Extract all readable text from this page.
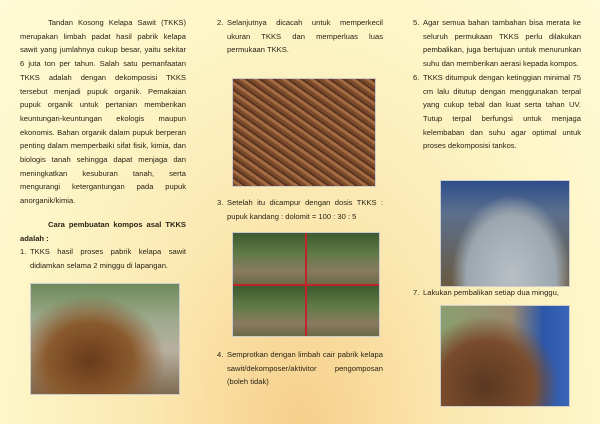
Tandan Kosong Kelapa Sawit (TKKS) merupakan limbah padat hasil pabrik kelapa sawit yang jumlahnya cukup besar, yaitu sekitar 6 juta ton per tahun. Salah satu pemanfaatan TKKS adalah dengan dekomposisi TKKS tersebut menjadi pupuk organik. Pemakaian pupuk organik untuk pertanian memberikan keuntungan-keuntungan ekologis maupun ekonomis. Bahan organik dalam pupuk berperan penting dalam memperbaiki sifat fisik, kimia, dan biologis tanah sehingga dapat menjaga dan meningkatkan kesuburan tanah, serta mengurangi ketergantungan pada pupuk anorganik/kimia.

Cara pembuatan kompos asal TKKS adalah :

1. TKKS hasil proses pabrik kelapa sawit didiamkan selama 2 minggu di lapangan.
2. Selanjutnya dicacah untuk memperkecil ukuran TKKS dan memperluas luas permukaan TKKS.
3. Setelah itu dicampur dengan dosis TKKS : pupuk kandang : dolomit = 100 : 30 : 5
4. Semprotkan dengan limbah cair pabrik kelapa sawit/dekomposer/aktivitor pengomposan (boleh tidak)
5. Agar semua bahan tambahan bisa merata ke seluruh permukaan TKKS perlu dilakukan pembalikan, juga bertujuan untuk menurunkan suhu dan memberikan aerasi kepada kompos.
6. TKKS ditumpuk dengan ketinggian minimal 75 cm lalu ditutup dengan menggunakan terpal yang cukup tebal dan kuat serta tahan UV. Tutup terpal berfungsi untuk menjaga kelembaban dan suhu agar optimal untuk proses dekomposisi tankos.
7. Lakukan pembalikan setiap dua minggu,
